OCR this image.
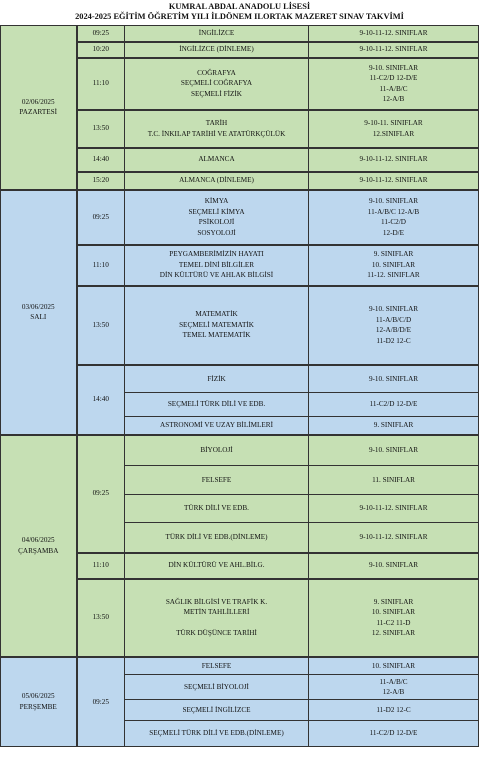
KUMRAL ABDAL ANADOLU LİSESİ
2024-2025 EĞİTİM ÖĞRETİM YILI İLDÖNEM ILORTAK MAZERET SINAV TAKVİMİ
02/06/2025
PAZARTESİ	09:25	İNGİLİZCE	9-10-11-12. SINIFLAR

	10:20	İNGİLİZCE (DİNLEME)	9-10-11-12. SINIFLAR

	11:10	COĞRAFYA
SEÇMELİ COĞRAFYA
SEÇMELİ FİZİK	9-10. SINIFLAR
11-C2/D 12-D/E
11-A/B/C
12-A/B

	13:50	TARİH
T.C. İNKILAP TARİHİ VE ATATÜRKÇÜLÜK	9-10-11. SINIFLAR
12.SINIFLAR

	14:40	ALMANCA	9-10-11-12. SINIFLAR

	15:20	ALMANCA (DİNLEME)	9-10-11-12. SINIFLAR

03/06/2025
SALI	09:25	KİMYA
SEÇMELİ KİMYA
PSİKOLOJİ
SOSYOLOJİ	9-10. SINIFLAR
11-A/B/C 12-A/B
11-C2/D
12-D/E

	11:10	PEYGAMBERİMİZİN HAYATI
TEMEL DİNİ BİLGİLER
DİN KÜLTÜRÜ VE AHLAK BİLGİSİ	9. SINIFLAR
10. SINIFLAR
11-12. SINIFLAR

	13:50	MATEMATİK
SEÇMELİ MATEMATİK
TEMEL MATEMATİK	9-10. SINIFLAR
11-A/B/C/D
12-A/B/D/E
11-D2 12-C

	14:40	FİZİK	9-10. SINIFLAR

		SEÇMELİ TÜRK DİLİ VE EDB.	11-C2/D 12-D/E

		ASTRONOMİ VE UZAY BİLİMLERİ	9. SINIFLAR

04/06/2025
ÇARŞAMBA	09:25	BİYOLOJİ	9-10. SINIFLAR

		FELSEFE	11. SINIFLAR

		TÜRK DİLİ VE EDB.	9-10-11-12. SINIFLAR

		TÜRK DİLİ VE EDB.(DİNLEME)	9-10-11-12. SINIFLAR

	11:10	DİN KÜLTÜRÜ VE AHL.BİLG.	9-10. SINIFLAR

	13:50	SAĞLIK BİLGİSİ VE TRAFİK K.
METİN TAHLİLLERİ

TÜRK DÜŞÜNCE TARİHİ	9. SINIFLAR
10. SINIFLAR
11-C2 11-D
12. SINIFLAR

05/06/2025
PERŞEMBE	09:25	FELSEFE	10. SINIFLAR

		SEÇMELİ BİYOLOJİ	11-A/B/C
12-A/B

		SEÇMELİ İNGİLİZCE	11-D2 12-C

		SEÇMELİ TÜRK DİLİ VE EDB.(DİNLEME)	11-C2/D 12-D/E
